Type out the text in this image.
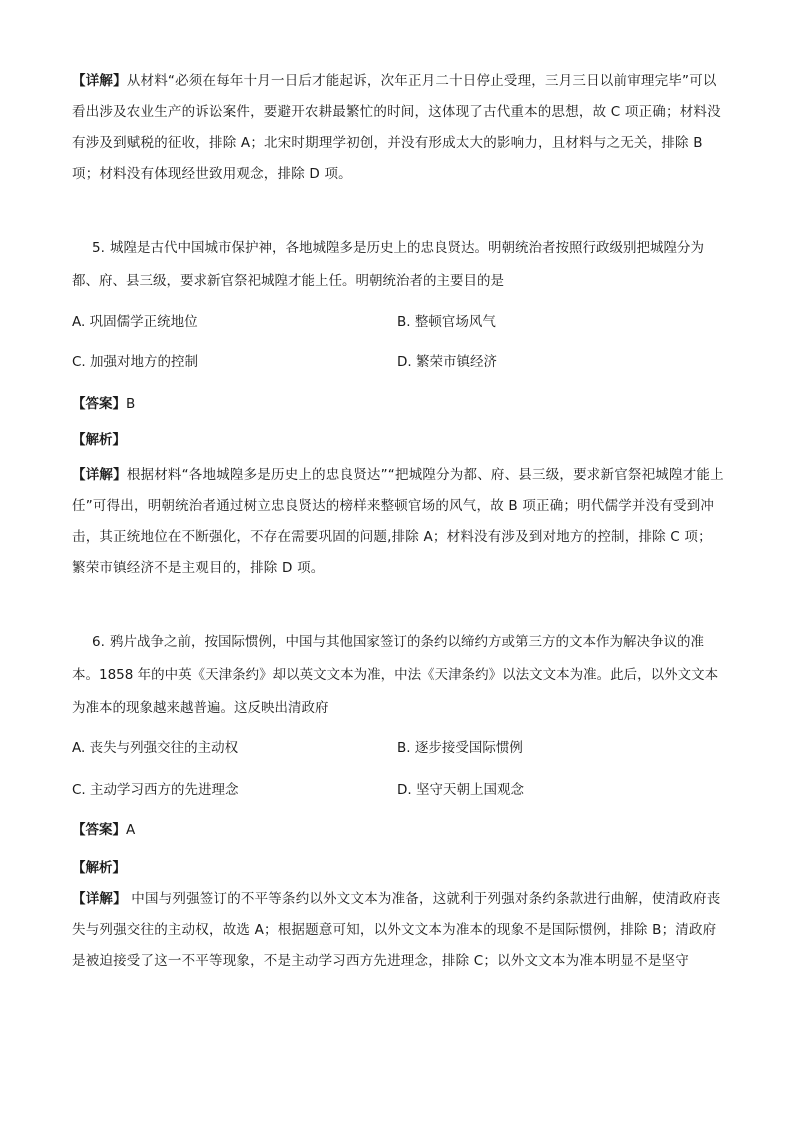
【详解】从材料“必须在每年十月一日后才能起诉，次年正月二十日停止受理，三月三日以前审理完毕”可以看出涉及农业生产的诉讼案件，要避开农耕最繁忙的时间，这体现了古代重本的思想，故 C 项正确；材料没有涉及到赋税的征收，排除 A；北宋时期理学初创，并没有形成太大的影响力，且材料与之无关，排除 B 项；材料没有体现经世致用观念，排除 D 项。
5. 城隍是古代中国城市保护神，各地城隍多是历史上的忠良贤达。明朝统治者按照行政级别把城隍分为都、府、县三级，要求新官祭祀城隍才能上任。明朝统治者的主要目的是
A. 巩固儒学正统地位	B. 整顿官场风气
C. 加强对地方的控制	D. 繁荣市镇经济
【答案】B
【解析】
【详解】根据材料“各地城隍多是历史上的忠良贤达”“把城隍分为都、府、县三级，要求新官祭祀城隍才能上任”可得出，明朝统治者通过树立忠良贤达的榜样来整顿官场的风气，故 B 项正确；明代儒学并没有受到冲击，其正统地位在不断强化，不存在需要巩固的问题,排除 A；材料没有涉及到对地方的控制，排除 C 项；繁荣市镇经济不是主观目的，排除 D 项。
6. 鸦片战争之前，按国际惯例，中国与其他国家签订的条约以缔约方或第三方的文本作为解决争议的准本。1858 年的中英《天津条约》却以英文文本为准，中法《天津条约》以法文文本为准。此后，以外文文本为准本的现象越来越普遍。这反映出清政府
A. 丧失与列强交往的主动权	B. 逐步接受国际惯例
C. 主动学习西方的先进理念	D. 坚守天朝上国观念
【答案】A
【解析】
【详解】 中国与列强签订的不平等条约以外文文本为准备，这就利于列强对条约条款进行曲解，使清政府丧失与列强交往的主动权，故选 A；根据题意可知，以外文文本为准本的现象不是国际惯例，排除 B；清政府是被迫接受了这一不平等现象，不是主动学习西方先进理念，排除 C；以外文文本为准本明显不是坚守
